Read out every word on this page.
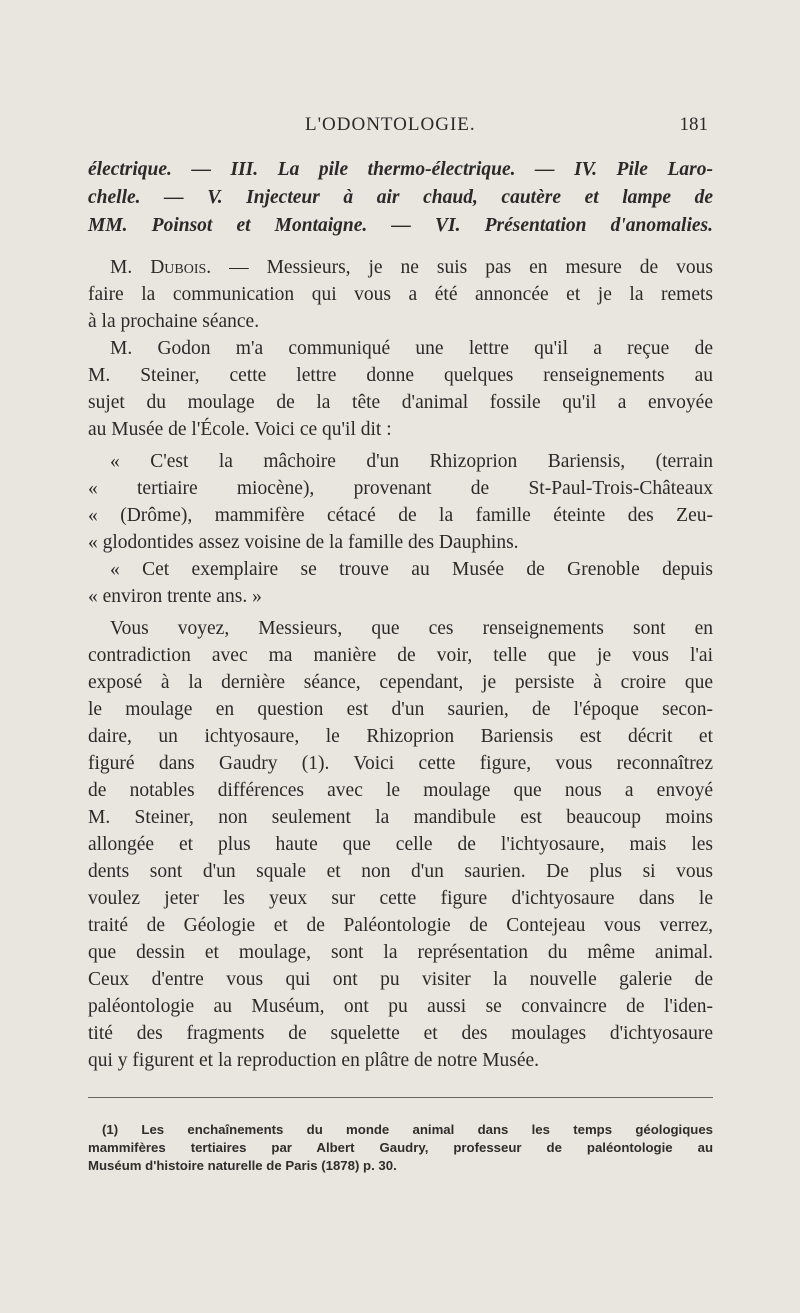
L'ODONTOLOGIE.	181
électrique. — III. La pile thermo-électrique. — IV. Pile Laro-
chelle. — V. Injecteur à air chaud, cautère et lampe de
MM. Poinsot et Montaigne. — VI. Présentation d'anomalies.
M. Dubois. — Messieurs, je ne suis pas en mesure de vous
faire la communication qui vous a été annoncée et je la remets
à la prochaine séance.
M. Godon m'a communiqué une lettre qu'il a reçue de
M. Steiner, cette lettre donne quelques renseignements au
sujet du moulage de la tête d'animal fossile qu'il a envoyée
au Musée de l'École. Voici ce qu'il dit :
« C'est la mâchoire d'un Rhizoprion Bariensis, (terrain
« tertiaire miocène), provenant de St-Paul-Trois-Châteaux
« (Drôme), mammifère cétacé de la famille éteinte des Zeu-
« glodontides assez voisine de la famille des Dauphins.
« Cet exemplaire se trouve au Musée de Grenoble depuis
« environ trente ans. »
Vous voyez, Messieurs, que ces renseignements sont en
contradiction avec ma manière de voir, telle que je vous l'ai
exposé à la dernière séance, cependant, je persiste à croire que
le moulage en question est d'un saurien, de l'époque secon-
daire, un ichtyosaure, le Rhizoprion Bariensis est décrit et
figuré dans Gaudry (1). Voici cette figure, vous reconnaîtrez
de notables différences avec le moulage que nous a envoyé
M. Steiner, non seulement la mandibule est beaucoup moins
allongée et plus haute que celle de l'ichtyosaure, mais les
dents sont d'un squale et non d'un saurien. De plus si vous
voulez jeter les yeux sur cette figure d'ichtyosaure dans le
traité de Géologie et de Paléontologie de Contejeau vous verrez,
que dessin et moulage, sont la représentation du même animal.
Ceux d'entre vous qui ont pu visiter la nouvelle galerie de
paléontologie au Muséum, ont pu aussi se convaincre de l'iden-
tité des fragments de squelette et des moulages d'ichtyosaure
qui y figurent et la reproduction en plâtre de notre Musée.
(1) Les enchaînements du monde animal dans les temps géologiques
mammifères tertiaires par Albert Gaudry, professeur de paléontologie au
Muséum d'histoire naturelle de Paris (1878) p. 30.
